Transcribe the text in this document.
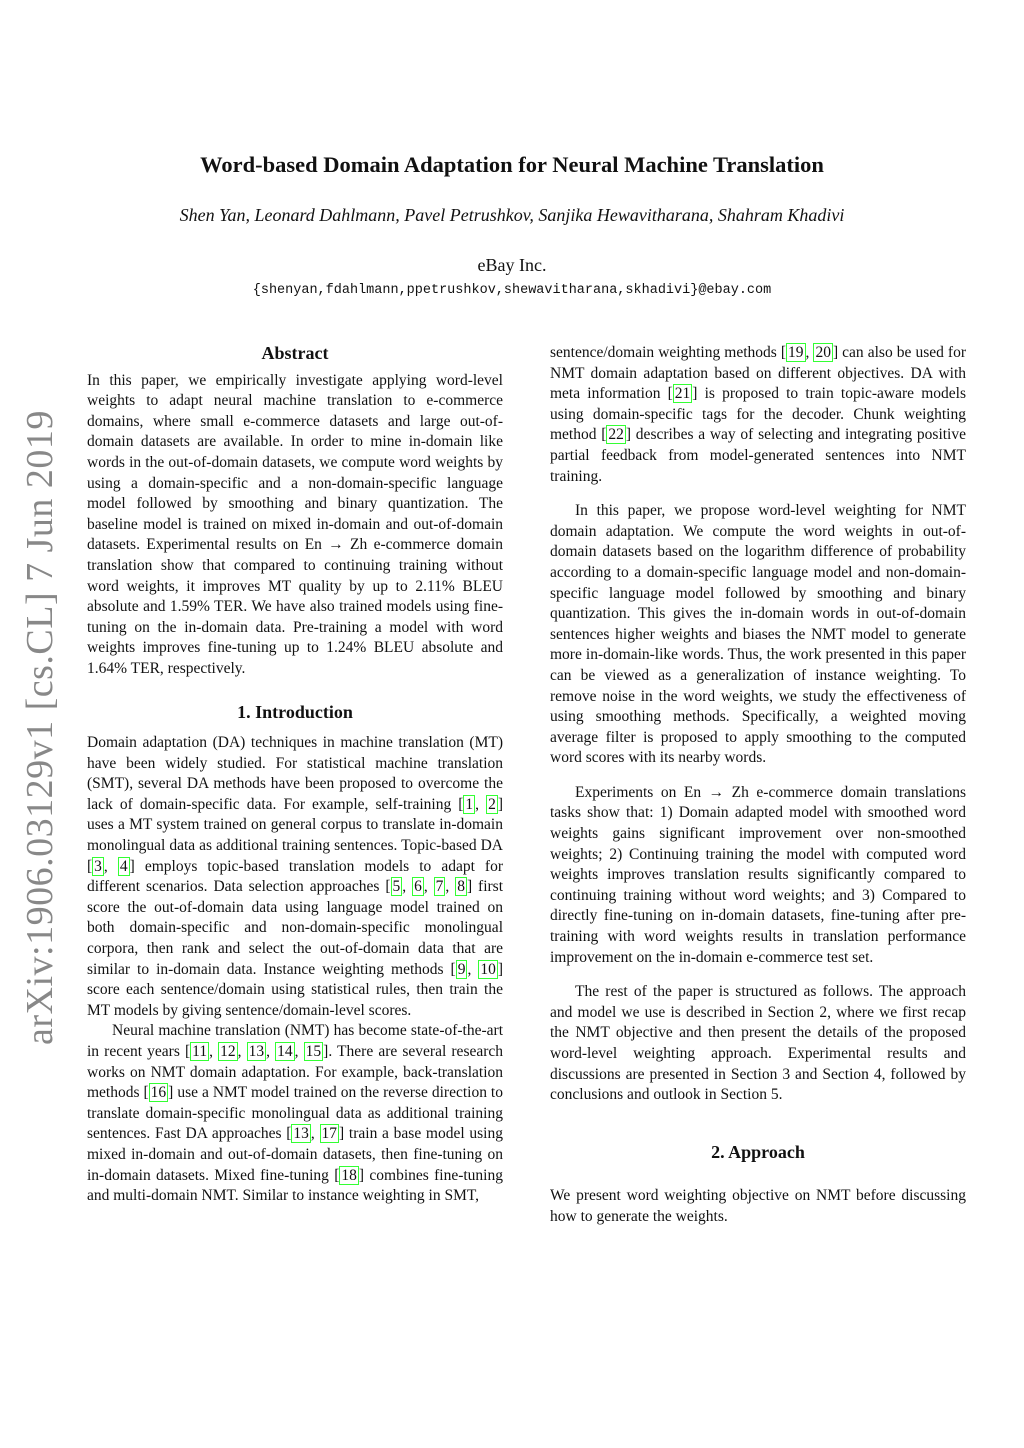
Word-based Domain Adaptation for Neural Machine Translation
Shen Yan, Leonard Dahlmann, Pavel Petrushkov, Sanjika Hewavitharana, Shahram Khadivi
eBay Inc.
{shenyan,fdahlmann,ppetrushkov,shewavitharana,skhadivi}@ebay.com
arXiv:1906.03129v1 [cs.CL] 7 Jun 2019
Abstract

In this paper, we empirically investigate applying word-level weights to adapt neural machine translation to e-commerce domains, where small e-commerce datasets and large out-of-domain datasets are available. In order to mine in-domain like words in the out-of-domain datasets, we compute word weights by using a domain-specific and a non-domain-specific language model followed by smoothing and binary quantization. The baseline model is trained on mixed in-domain and out-of-domain datasets. Experimental results on En → Zh e-commerce domain translation show that compared to continuing training without word weights, it improves MT quality by up to 2.11% BLEU absolute and 1.59% TER. We have also trained models using fine-tuning on the in-domain data. Pre-training a model with word weights improves fine-tuning up to 1.24% BLEU absolute and 1.64% TER, respectively.

1. Introduction

Domain adaptation (DA) techniques in machine translation (MT) have been widely studied. For statistical machine translation (SMT), several DA methods have been proposed to overcome the lack of domain-specific data. For example, self-training [ 1 , 2 ] uses a MT system trained on general corpus to translate in-domain monolingual data as additional training sentences. Topic-based DA [ 3 , 4 ] employs topic-based translation models to adapt for different scenarios. Data selection approaches [ 5 , 6 , 7 , 8 ] first score the out-of-domain data using language model trained on both domain-specific and non-domain-specific monolingual corpora, then rank and select the out-of-domain data that are similar to in-domain data. Instance weighting methods [ 9 , 10 ] score each sentence/domain using statistical rules, then train the MT models by giving sentence/domain-level scores.

Neural machine translation (NMT) has become state-of-the-art in recent years [ 11 , 12 , 13 , 14 , 15 ]. There are several research works on NMT domain adaptation. For example, back-translation methods [ 16 ] use a NMT model trained on the reverse direction to translate domain-specific monolingual data as additional training sentences. Fast DA approaches [ 13 , 17 ] train a base model using mixed in-domain and out-of-domain datasets, then fine-tuning on in-domain datasets. Mixed fine-tuning [ 18 ] combines fine-tuning and multi-domain NMT. Similar to instance weighting in SMT,

sentence/domain weighting methods [ 19 , 20 ] can also be used for NMT domain adaptation based on different objectives. DA with meta information [ 21 ] is proposed to train topic-aware models using domain-specific tags for the decoder. Chunk weighting method [ 22 ] describes a way of selecting and integrating positive partial feedback from model-generated sentences into NMT training.

In this paper, we propose word-level weighting for NMT domain adaptation. We compute the word weights in out-of-domain datasets based on the logarithm difference of probability according to a domain-specific language model and non-domain-specific language model followed by smoothing and binary quantization. This gives the in-domain words in out-of-domain sentences higher weights and biases the NMT model to generate more in-domain-like words. Thus, the work presented in this paper can be viewed as a generalization of instance weighting. To remove noise in the word weights, we study the effectiveness of using smoothing methods. Specifically, a weighted moving average filter is proposed to apply smoothing to the computed word scores with its nearby words.

Experiments on En → Zh e-commerce domain translations tasks show that: 1) Domain adapted model with smoothed word weights gains significant improvement over non-smoothed weights; 2) Continuing training the model with computed word weights improves translation results significantly compared to continuing training without word weights; and 3) Compared to directly fine-tuning on in-domain datasets, fine-tuning after pre-training with word weights results in translation performance improvement on the in-domain e-commerce test set.

The rest of the paper is structured as follows. The approach and model we use is described in Section 2, where we first recap the NMT objective and then present the details of the proposed word-level weighting approach. Experimental results and discussions are presented in Section 3 and Section 4, followed by conclusions and outlook in Section 5.

2. Approach

We present word weighting objective on NMT before discussing how to generate the weights.
